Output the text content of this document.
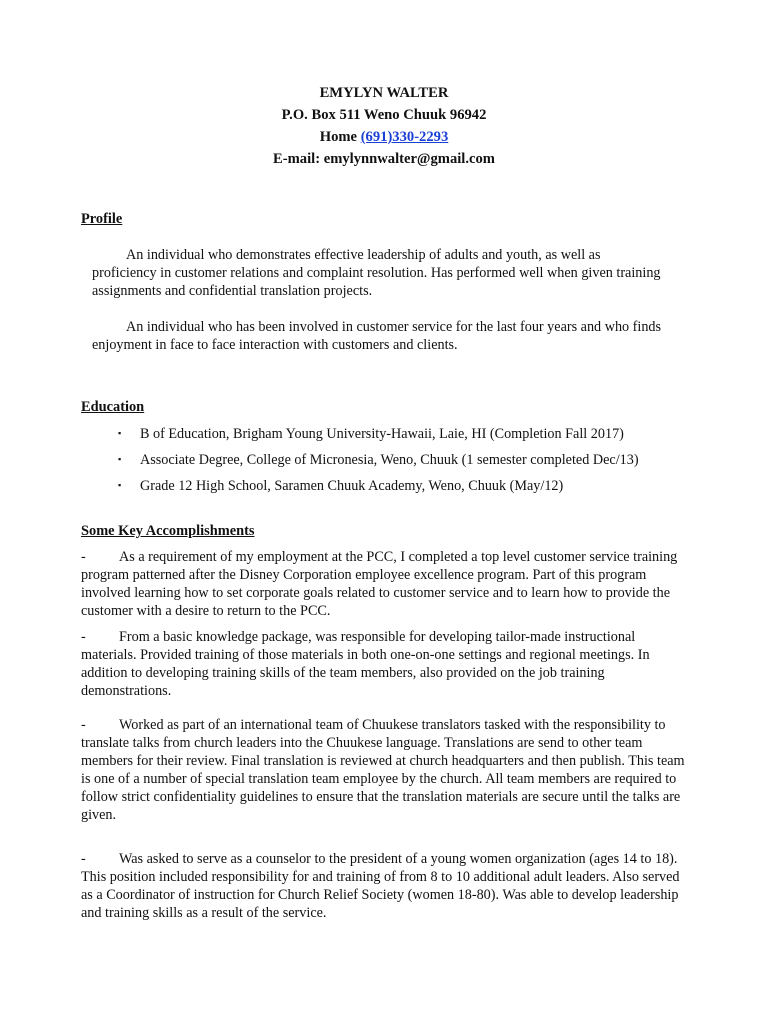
EMYLYN WALTER
P.O. Box 511 Weno Chuuk 96942
Home (691)330-2293
E-mail: emylynnwalter@gmail.com
Profile
An individual who demonstrates effective leadership of adults and youth, as well as proficiency in customer relations and complaint resolution. Has performed well when given training assignments and confidential translation projects.
An individual who has been involved in customer service for the last four years and who finds enjoyment in face to face interaction with customers and clients.
Education
▪ B of Education, Brigham Young University-Hawaii, Laie, HI (Completion Fall 2017)
▪ Associate Degree, College of Micronesia, Weno, Chuuk (1 semester completed Dec/13)
▪ Grade 12 High School, Saramen Chuuk Academy, Weno, Chuuk (May/12)
Some Key Accomplishments
- As a requirement of my employment at the PCC, I completed a top level customer service training program patterned after the Disney Corporation employee excellence program. Part of this program involved learning how to set corporate goals related to customer service and to learn how to provide the customer with a desire to return to the PCC.
- From a basic knowledge package, was responsible for developing tailor-made instructional materials. Provided training of those materials in both one-on-one settings and regional meetings. In addition to developing training skills of the team members, also provided on the job training demonstrations.
- Worked as part of an international team of Chuukese translators tasked with the responsibility to translate talks from church leaders into the Chuukese language. Translations are send to other team members for their review. Final translation is reviewed at church headquarters and then publish. This team is one of a number of special translation team employee by the church. All team members are required to follow strict confidentiality guidelines to ensure that the translation materials are secure until the talks are given.
- Was asked to serve as a counselor to the president of a young women organization (ages 14 to 18). This position included responsibility for and training of from 8 to 10 additional adult leaders. Also served as a Coordinator of instruction for Church Relief Society (women 18-80). Was able to develop leadership and training skills as a result of the service.
